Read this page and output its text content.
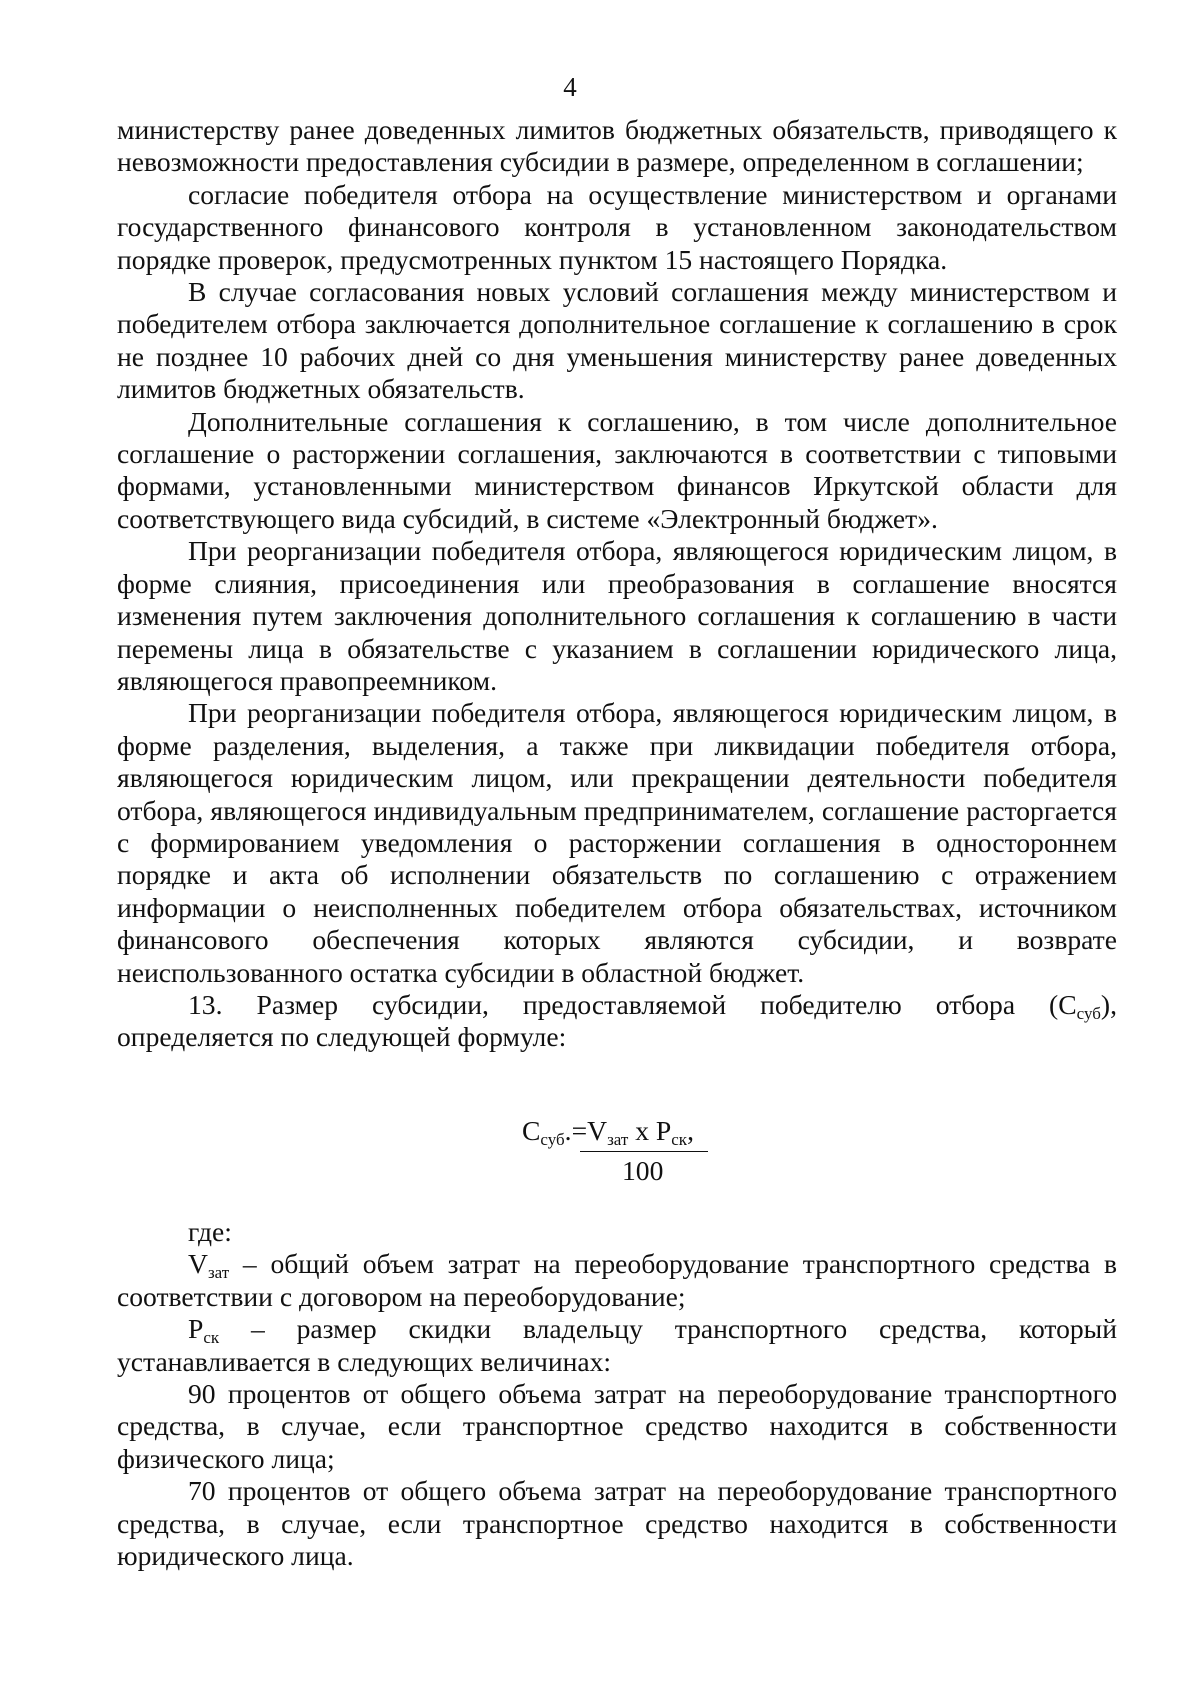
4

министерству ранее доведенных лимитов бюджетных обязательств, приводящего к невозможности предоставления субсидии в размере, определенном в соглашении;

согласие победителя отбора на осуществление министерством и органами государственного финансового контроля в установленном законодательством порядке проверок, предусмотренных пунктом 15 настоящего Порядка.

В случае согласования новых условий соглашения между министерством и победителем отбора заключается дополнительное соглашение к соглашению в срок не позднее 10 рабочих дней со дня уменьшения министерству ранее доведенных лимитов бюджетных обязательств.

Дополнительные соглашения к соглашению, в том числе дополнительное соглашение о расторжении соглашения, заключаются в соответствии с типовыми формами, установленными министерством финансов Иркутской области для соответствующего вида субсидий, в системе «Электронный бюджет».

При реорганизации победителя отбора, являющегося юридическим лицом, в форме слияния, присоединения или преобразования в соглашение вносятся изменения путем заключения дополнительного соглашения к соглашению в части перемены лица в обязательстве с указанием в соглашении юридического лица, являющегося правопреемником.

При реорганизации победителя отбора, являющегося юридическим лицом, в форме разделения, выделения, а также при ликвидации победителя отбора, являющегося юридическим лицом, или прекращении деятельности победителя отбора, являющегося индивидуальным предпринимателем, соглашение расторгается с формированием уведомления о расторжении соглашения в одностороннем порядке и акта об исполнении обязательств по соглашению с отражением информации о неисполненных победителем отбора обязательствах, источником финансового обеспечения которых являются субсидии, и возврате неиспользованного остатка субсидии в областной бюджет.

13. Размер субсидии, предоставляемой победителю отбора $(С_{суб})$, определяется по следующей формуле:

$С_{суб}.=V_{зат}$ х $Р_{ск}$,
100

где:

$V_{зат}$ – общий объем затрат на переоборудование транспортного средства в соответствии с договором на переоборудование;

$Р_{ск}$ – размер скидки владельцу транспортного средства, который устанавливается в следующих величинах:

90 процентов от общего объема затрат на переоборудование транспортного средства, в случае, если транспортное средство находится в собственности физического лица;

70 процентов от общего объема затрат на переоборудование транспортного средства, в случае, если транспортное средство находится в собственности юридического лица.
